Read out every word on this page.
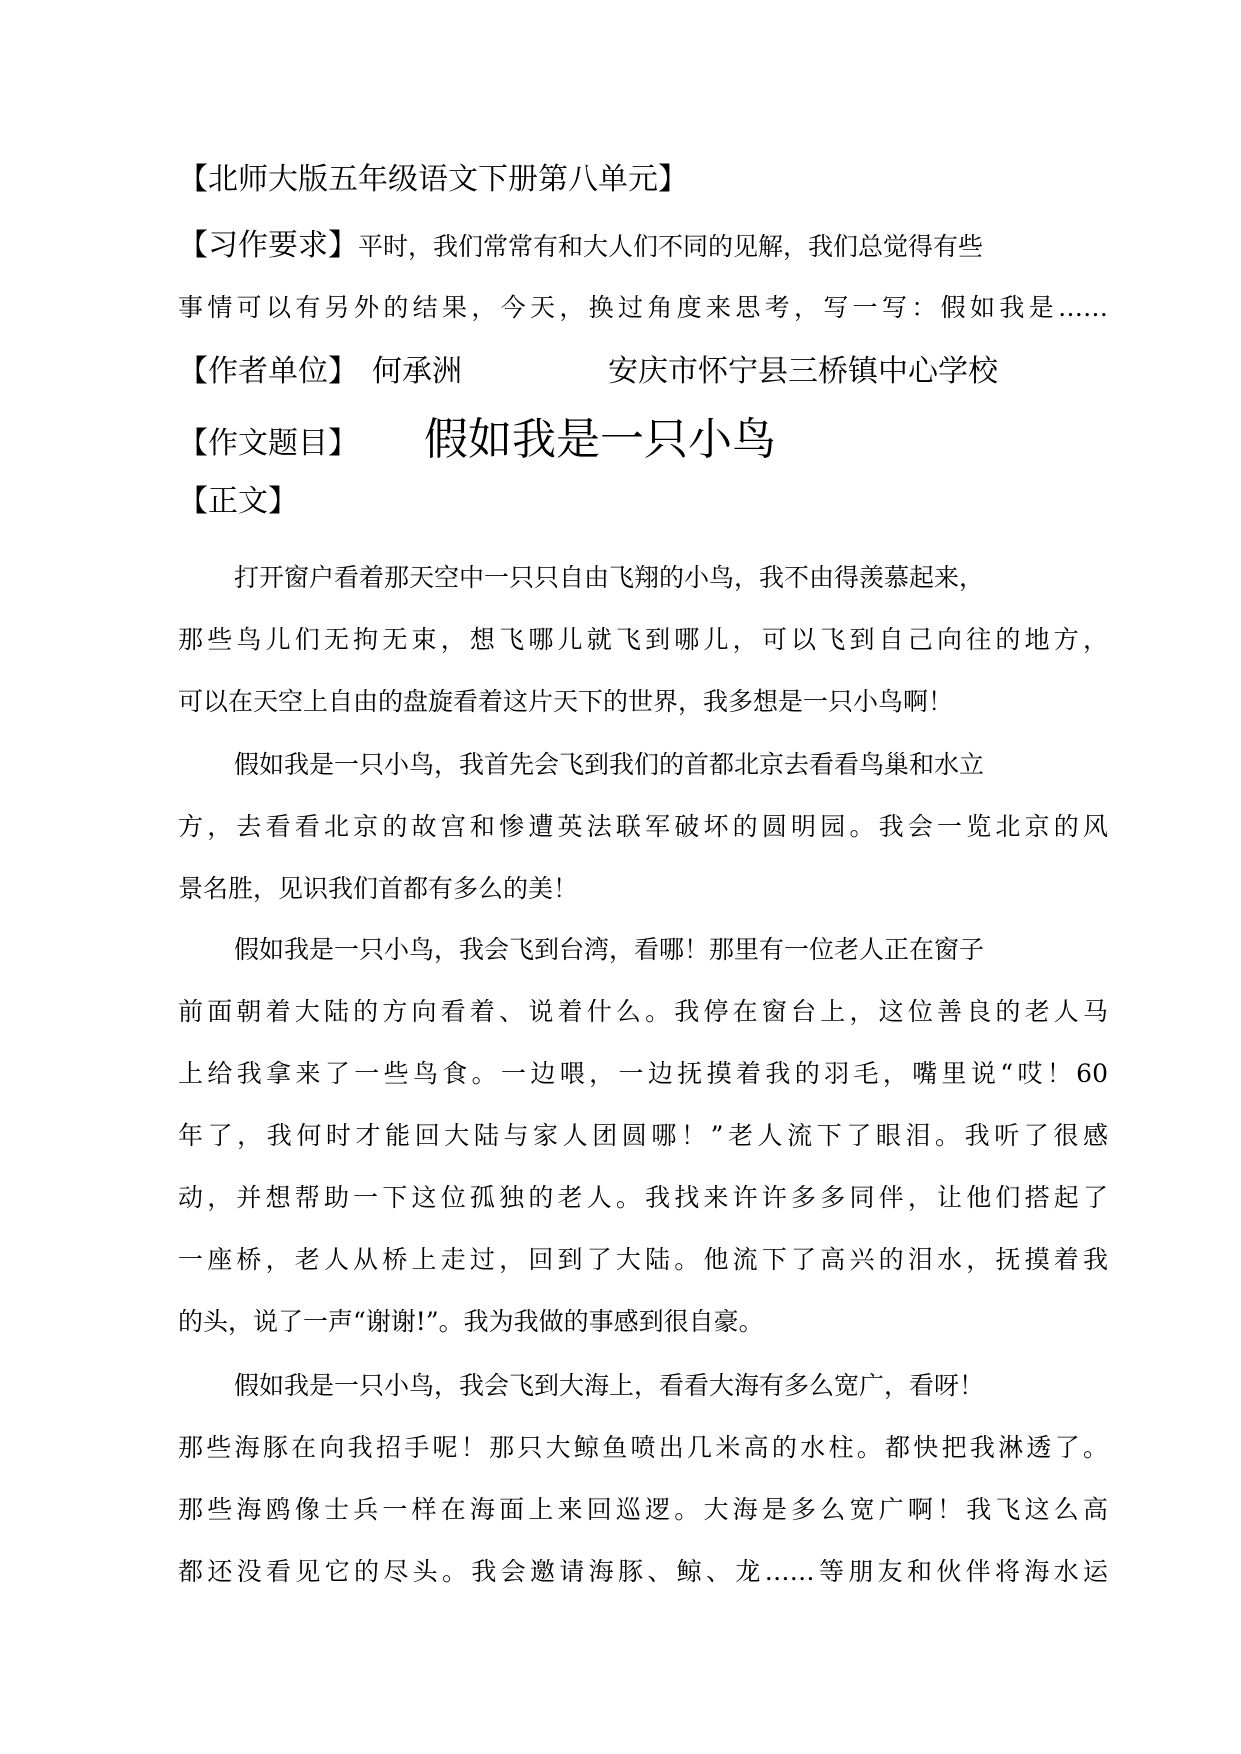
【北师大版五年级语文下册第八单元】
【习作要求】平时，我们常常有和大人们不同的见解，我们总觉得有些
事情可以有另外的结果，今天，换过角度来思考，写一写：假如我是……
【作者单位】 何承洲	安庆市怀宁县三桥镇中心学校
【作文题目】 假如我是一只小鸟
【正文】
打开窗户看着那天空中一只只自由飞翔的小鸟，我不由得羡慕起来，
那些鸟儿们无拘无束，想飞哪儿就飞到哪儿，可以飞到自己向往的地方，
可以在天空上自由的盘旋看着这片天下的世界，我多想是一只小鸟啊！
假如我是一只小鸟，我首先会飞到我们的首都北京去看看鸟巢和水立
方，去看看北京的故宫和惨遭英法联军破坏的圆明园。我会一览北京的风
景名胜，见识我们首都有多么的美！
假如我是一只小鸟，我会飞到台湾，看哪！那里有一位老人正在窗子
前面朝着大陆的方向看着、说着什么。我停在窗台上，这位善良的老人马
上给我拿来了一些鸟食。一边喂，一边抚摸着我的羽毛，嘴里说“哎！60
年了，我何时才能回大陆与家人团圆哪！”老人流下了眼泪。我听了很感
动，并想帮助一下这位孤独的老人。我找来许许多多同伴，让他们搭起了
一座桥，老人从桥上走过，回到了大陆。他流下了高兴的泪水，抚摸着我
的头，说了一声“谢谢!”。我为我做的事感到很自豪。
假如我是一只小鸟，我会飞到大海上，看看大海有多么宽广，看呀！
那些海豚在向我招手呢！那只大鲸鱼喷出几米高的水柱。都快把我淋透了。
那些海鸥像士兵一样在海面上来回巡逻。大海是多么宽广啊！我飞这么高
都还没看见它的尽头。我会邀请海豚、鲸、龙……等朋友和伙伴将海水运
